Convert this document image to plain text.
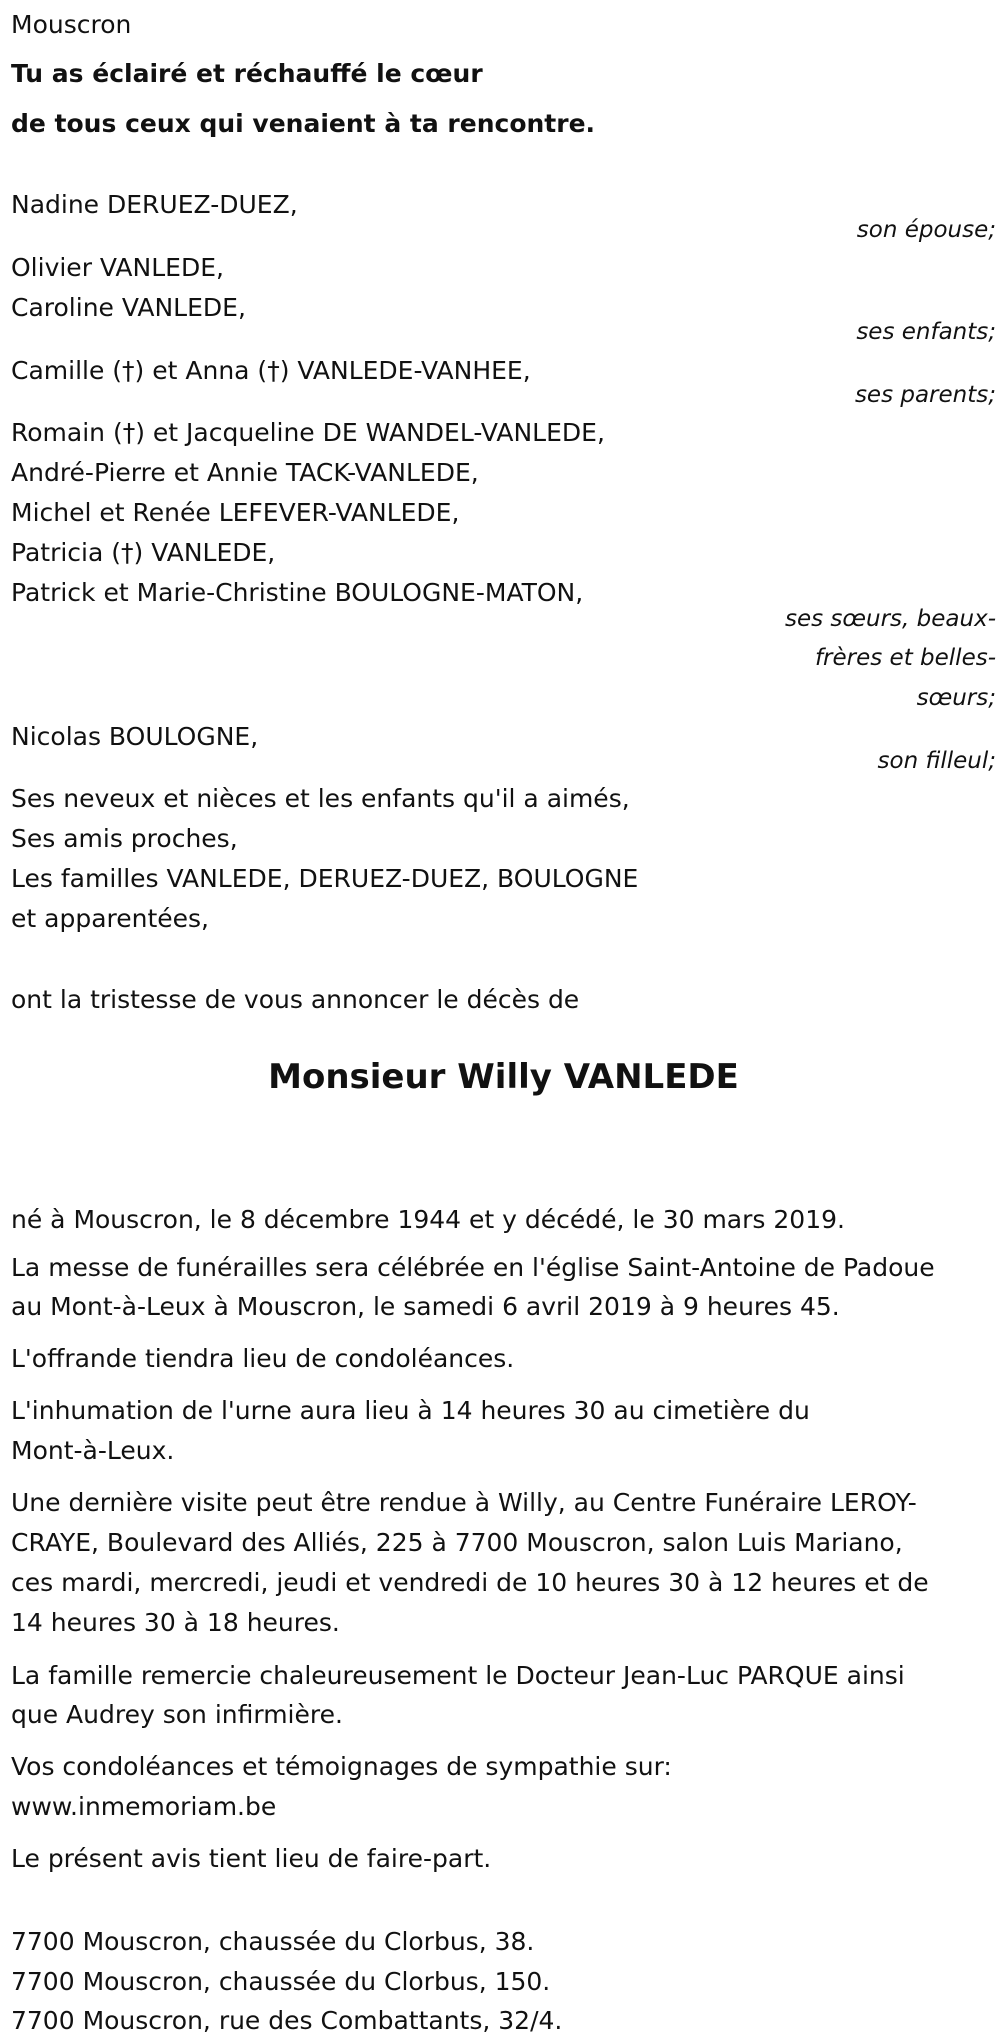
Mouscron
Tu as éclairé et réchauffé le cœur
de tous ceux qui venaient à ta rencontre.
Nadine DERUEZ-DUEZ,
son épouse;
Olivier VANLEDE,
Caroline VANLEDE,
ses enfants;
Camille (†) et Anna (†) VANLEDE-VANHEE,
ses parents;
Romain (†) et Jacqueline DE WANDEL-VANLEDE,
André-Pierre et Annie TACK-VANLEDE,
Michel et Renée LEFEVER-VANLEDE,
Patricia (†) VANLEDE,
Patrick et Marie-Christine BOULOGNE-MATON,
ses sœurs, beaux-
frères et belles-
sœurs;
Nicolas BOULOGNE,
son filleul;
Ses neveux et nièces et les enfants qu'il a aimés,
Ses amis proches,
Les familles VANLEDE, DERUEZ-DUEZ, BOULOGNE
et apparentées,
ont la tristesse de vous annoncer le décès de
Monsieur Willy VANLEDE
né à Mouscron, le 8 décembre 1944 et y décédé, le 30 mars 2019.
La messe de funérailles sera célébrée en l'église Saint-Antoine de Padoue
au Mont-à-Leux à Mouscron, le samedi 6 avril 2019 à 9 heures 45.
L'offrande tiendra lieu de condoléances.
L'inhumation de l'urne aura lieu à 14 heures 30 au cimetière du
Mont-à-Leux.
Une dernière visite peut être rendue à Willy, au Centre Funéraire LEROY-
CRAYE, Boulevard des Alliés, 225 à 7700 Mouscron, salon Luis Mariano,
ces mardi, mercredi, jeudi et vendredi de 10 heures 30 à 12 heures et de
14 heures 30 à 18 heures.
La famille remercie chaleureusement le Docteur Jean-Luc PARQUE ainsi
que Audrey son infirmière.
Vos condoléances et témoignages de sympathie sur:
www.inmemoriam.be
Le présent avis tient lieu de faire-part.
7700 Mouscron, chaussée du Clorbus, 38.
7700 Mouscron, chaussée du Clorbus, 150.
7700 Mouscron, rue des Combattants, 32/4.
